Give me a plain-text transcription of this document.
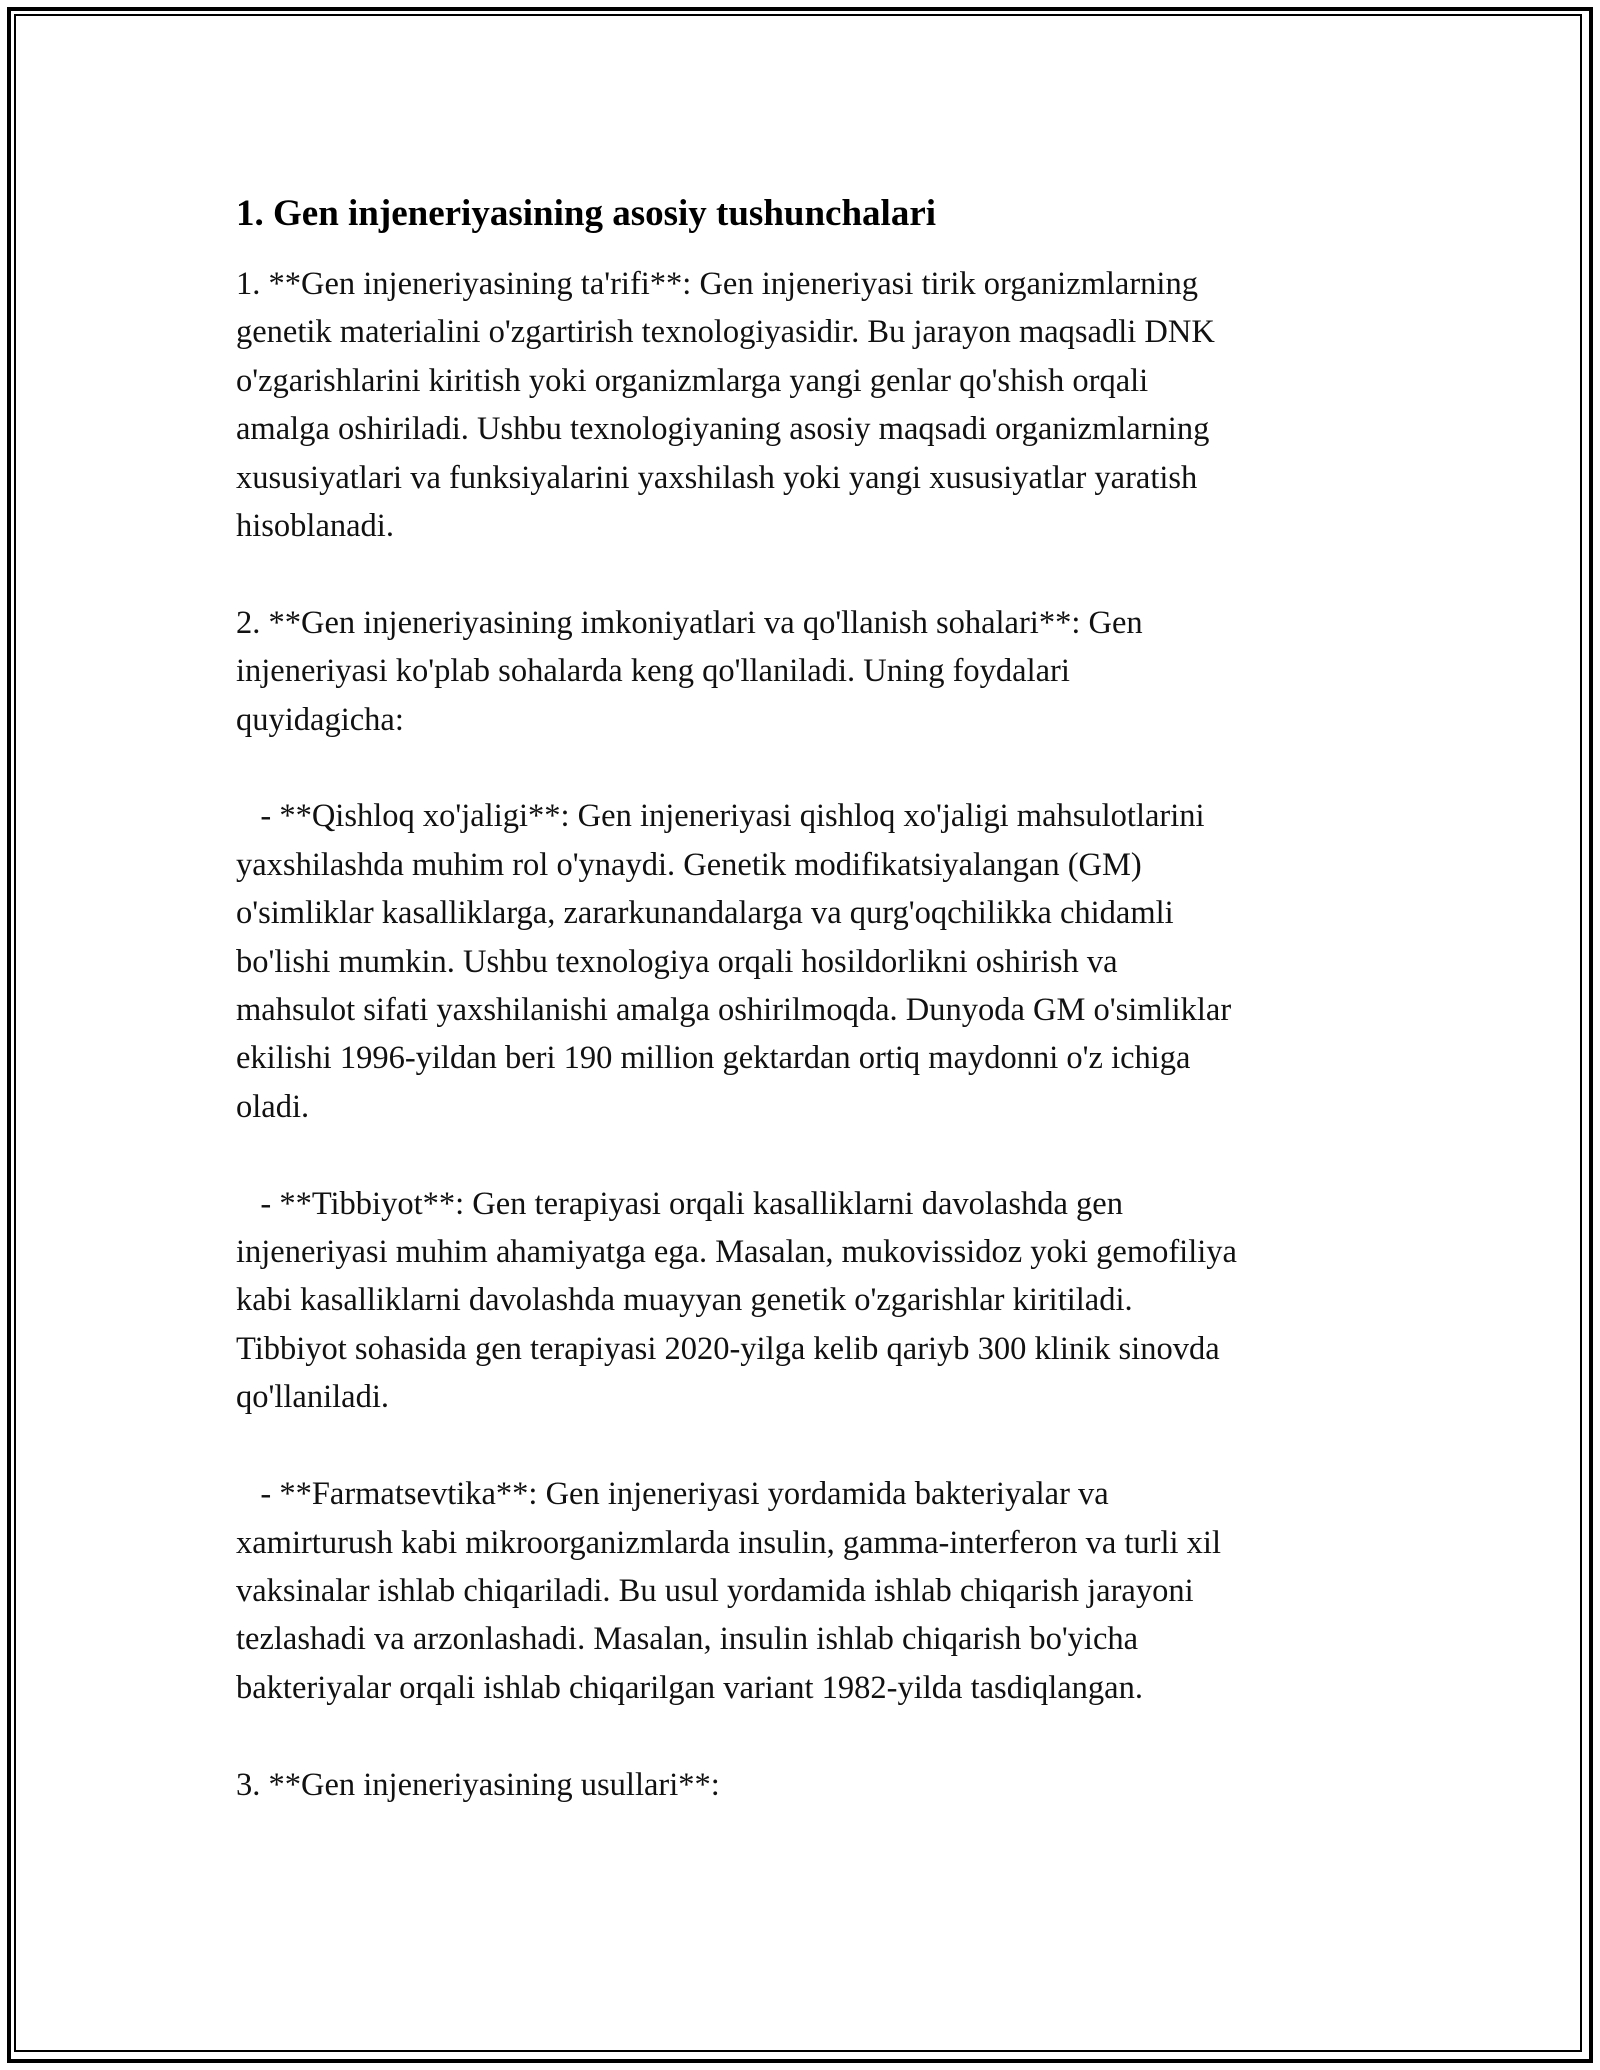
1. Gen injeneriyasining asosiy tushunchalari
1. **Gen injeneriyasining ta'rifi**: Gen injeneriyasi tirik organizmlarning
genetik materialini o'zgartirish texnologiyasidir. Bu jarayon maqsadli DNK
o'zgarishlarini kiritish yoki organizmlarga yangi genlar qo'shish orqali
amalga oshiriladi. Ushbu texnologiyaning asosiy maqsadi organizmlarning
xususiyatlari va funksiyalarini yaxshilash yoki yangi xususiyatlar yaratish
hisoblanadi.
2. **Gen injeneriyasining imkoniyatlari va qo'llanish sohalari**: Gen
injeneriyasi ko'plab sohalarda keng qo'llaniladi. Uning foydalari
quyidagicha:
- **Qishloq xo'jaligi**: Gen injeneriyasi qishloq xo'jaligi mahsulotlarini
yaxshilashda muhim rol o'ynaydi. Genetik modifikatsiyalangan (GM)
o'simliklar kasalliklarga, zararkunandalarga va qurg'oqchilikka chidamli
bo'lishi mumkin. Ushbu texnologiya orqali hosildorlikni oshirish va
mahsulot sifati yaxshilanishi amalga oshirilmoqda. Dunyoda GM o'simliklar
ekilishi 1996-yildan beri 190 million gektardan ortiq maydonni o'z ichiga
oladi.
- **Tibbiyot**: Gen terapiyasi orqali kasalliklarni davolashda gen
injeneriyasi muhim ahamiyatga ega. Masalan, mukovissidoz yoki gemofiliya
kabi kasalliklarni davolashda muayyan genetik o'zgarishlar kiritiladi.
Tibbiyot sohasida gen terapiyasi 2020-yilga kelib qariyb 300 klinik sinovda
qo'llaniladi.
- **Farmatsevtika**: Gen injeneriyasi yordamida bakteriyalar va
xamirturush kabi mikroorganizmlarda insulin, gamma-interferon va turli xil
vaksinalar ishlab chiqariladi. Bu usul yordamida ishlab chiqarish jarayoni
tezlashadi va arzonlashadi. Masalan, insulin ishlab chiqarish bo'yicha
bakteriyalar orqali ishlab chiqarilgan variant 1982-yilda tasdiqlangan.
3. **Gen injeneriyasining usullari**:
